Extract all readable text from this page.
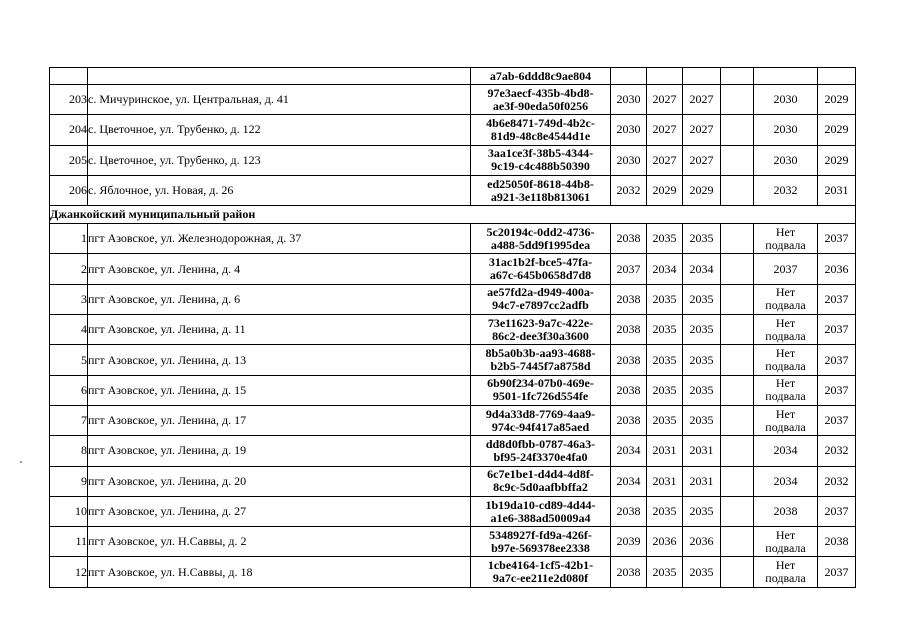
		a7ab-6ddd8c9ae804						

203	с. Мичуринское, ул. Центральная, д. 41	97e3aecf-435b-4bd8-
ae3f-90eda50f0256	2030	2027	2027		2030	2029
204	с. Цветочное, ул. Трубенко, д. 122	4b6e8471-749d-4b2c-
81d9-48c8e4544d1e	2030	2027	2027		2030	2029
205	с. Цветочное, ул. Трубенко, д. 123	3aa1ce3f-38b5-4344-
9c19-c4c488b50390	2030	2027	2027		2030	2029
206	с. Яблочное, ул. Новая, д. 26	ed25050f-8618-44b8-
a921-3e118b813061	2032	2029	2029		2032	2031
Джанкойский муниципальный район								
1	пгт Азовское, ул. Железнодорожная, д. 37	5c20194c-0dd2-4736-
a488-5dd9f1995dea	2038	2035	2035		Нет
подвала	2037
2	пгт Азовское, ул. Ленина, д. 4	31ac1b2f-bce5-47fa-
a67c-645b0658d7d8	2037	2034	2034		2037	2036
3	пгт Азовское, ул. Ленина, д. 6	ae57fd2a-d949-400a-
94c7-e7897cc2adfb	2038	2035	2035		Нет
подвала	2037
4	пгт Азовское, ул. Ленина, д. 11	73e11623-9a7c-422e-
86c2-dee3f30a3600	2038	2035	2035		Нет
подвала	2037
5	пгт Азовское, ул. Ленина, д. 13	8b5a0b3b-aa93-4688-
b2b5-7445f7a8758d	2038	2035	2035		Нет
подвала	2037
6	пгт Азовское, ул. Ленина, д. 15	6b90f234-07b0-469e-
9501-1fc726d554fe	2038	2035	2035		Нет
подвала	2037
7	пгт Азовское, ул. Ленина, д. 17	9d4a33d8-7769-4aa9-
974c-94f417a85aed	2038	2035	2035		Нет
подвала	2037
8	пгт Азовское, ул. Ленина, д. 19	dd8d0fbb-0787-46a3-
bf95-24f3370e4fa0	2034	2031	2031		2034	2032
9	пгт Азовское, ул. Ленина, д. 20	6c7e1be1-d4d4-4d8f-
8c9c-5d0aafbbffa2	2034	2031	2031		2034	2032
10	пгт Азовское, ул. Ленина, д. 27	1b19da10-cd89-4d44-
a1e6-388ad50009a4	2038	2035	2035		2038	2037
11	пгт Азовское, ул. Н.Саввы, д. 2	5348927f-fd9a-426f-
b97e-569378ee2338	2039	2036	2036		Нет
подвала	2038
12	пгт Азовское, ул. Н.Саввы, д. 18	1cbe4164-1cf5-42b1-
9a7c-ee211e2d080f	2038	2035	2035		Нет
подвала	2037
